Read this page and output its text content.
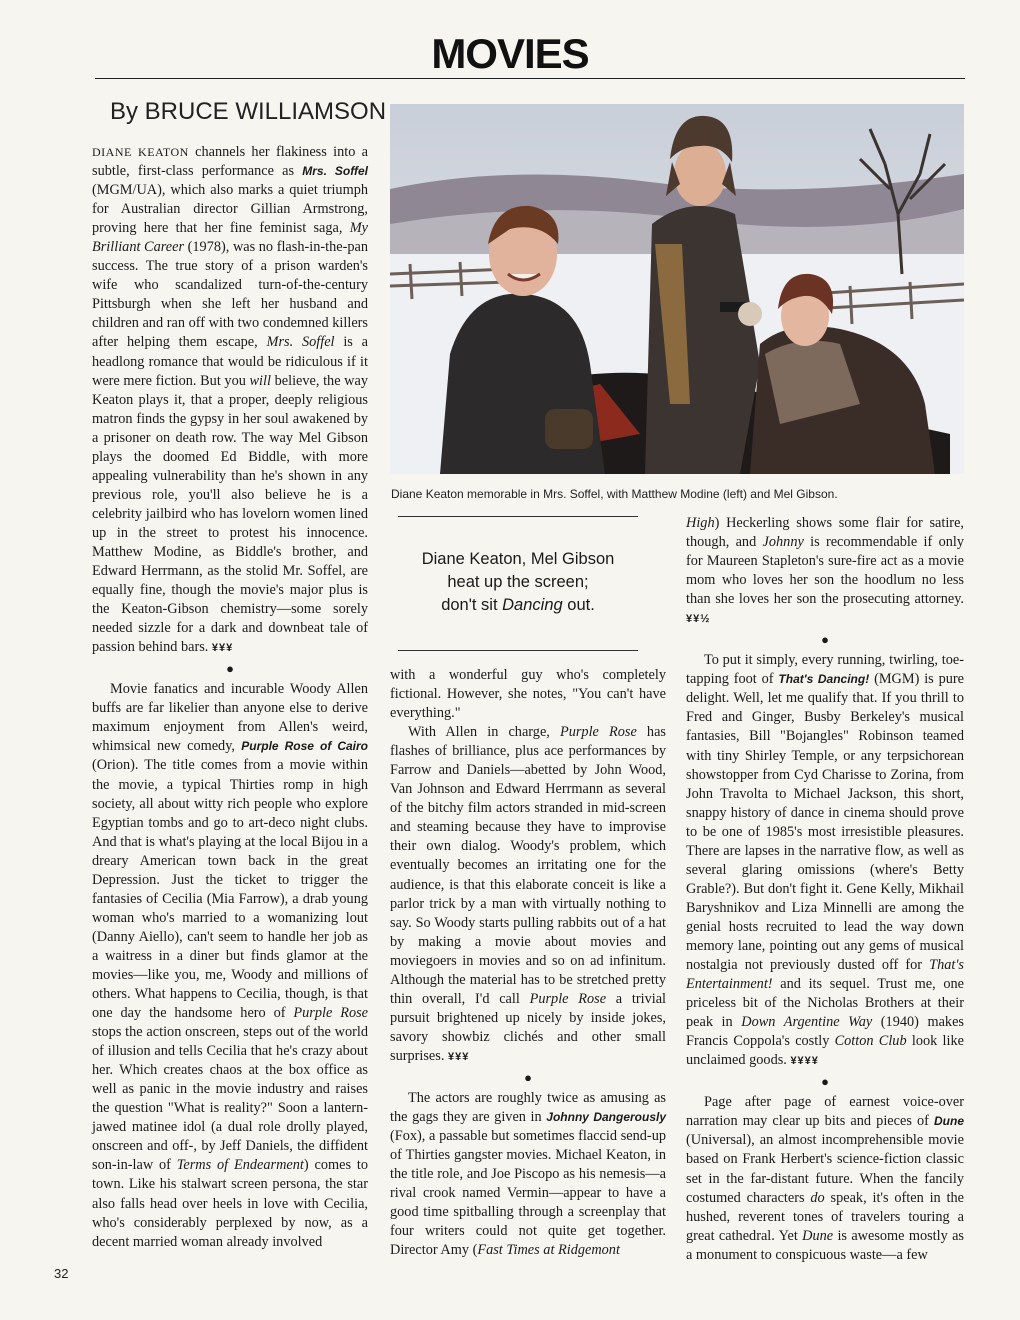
MOVIES
By BRUCE WILLIAMSON
Diane Keaton memorable in Mrs. Soffel, with Matthew Modine (left) and Mel Gibson.

DIANE KEATON channels her flakiness into a subtle, first-class performance as Mrs. Soffel (MGM/UA), which also marks a quiet triumph for Australian director Gillian Armstrong, proving here that her fine feminist saga, My Brilliant Career (1978), was no flash-in-the-pan success. The true story of a prison warden's wife who scandalized turn-of-the-century Pittsburgh when she left her husband and children and ran off with two condemned killers after helping them escape, Mrs. Soffel is a headlong romance that would be ridiculous if it were mere fiction. But you will believe, the way Keaton plays it, that a proper, deeply religious matron finds the gypsy in her soul awakened by a prisoner on death row. The way Mel Gibson plays the doomed Ed Biddle, with more appealing vulnerability than he's shown in any previous role, you'll also believe he is a celebrity jailbird who has lovelorn women lined up in the street to protest his innocence. Matthew Modine, as Biddle's brother, and Edward Herrmann, as the stolid Mr. Soffel, are equally fine, though the movie's major plus is the Keaton-Gibson chemistry—some sorely needed sizzle for a dark and downbeat tale of passion behind bars. ¥¥¥

●

Movie fanatics and incurable Woody Allen buffs are far likelier than anyone else to derive maximum enjoyment from Allen's weird, whimsical new comedy, Purple Rose of Cairo (Orion). The title comes from a movie within the movie, a typical Thirties romp in high society, all about witty rich people who explore Egyptian tombs and go to art-deco night clubs. And that is what's playing at the local Bijou in a dreary American town back in the great Depression. Just the ticket to trigger the fantasies of Cecilia (Mia Farrow), a drab young woman who's married to a womanizing lout (Danny Aiello), can't seem to handle her job as a waitress in a diner but finds glamor at the movies—like you, me, Woody and millions of others. What happens to Cecilia, though, is that one day the handsome hero of Purple Rose stops the action onscreen, steps out of the world of illusion and tells Cecilia that he's crazy about her. Which creates chaos at the box office as well as panic in the movie industry and raises the question "What is reality?" Soon a lantern-jawed matinee idol (a dual role drolly played, onscreen and off-, by Jeff Daniels, the diffident son-in-law of Terms of Endearment) comes to town. Like his stalwart screen persona, the star also falls head over heels in love with Cecilia, who's considerably perplexed by now, as a decent married woman already involved

Diane Keaton, Mel Gibson
heat up the screen;
don't sit Dancing out.

with a wonderful guy who's completely fictional. However, she notes, "You can't have everything."

With Allen in charge, Purple Rose has flashes of brilliance, plus ace performances by Farrow and Daniels—abetted by John Wood, Van Johnson and Edward Herrmann as several of the bitchy film actors stranded in mid-screen and steaming because they have to improvise their own dialog. Woody's problem, which eventually becomes an irritating one for the audience, is that this elaborate conceit is like a parlor trick by a man with virtually nothing to say. So Woody starts pulling rabbits out of a hat by making a movie about movies and moviegoers in movies and so on ad infinitum. Although the material has to be stretched pretty thin overall, I'd call Purple Rose a trivial pursuit brightened up nicely by inside jokes, savory showbiz clichés and other small surprises. ¥¥¥

●

The actors are roughly twice as amusing as the gags they are given in Johnny Dangerously (Fox), a passable but sometimes flaccid send-up of Thirties gangster movies. Michael Keaton, in the title role, and Joe Piscopo as his nemesis—a rival crook named Vermin—appear to have a good time spitballing through a screenplay that four writers could not quite get together. Director Amy (Fast Times at Ridgemont

High) Heckerling shows some flair for satire, though, and Johnny is recommendable if only for Maureen Stapleton's sure-fire act as a movie mom who loves her son the hoodlum no less than she loves her son the prosecuting attorney. ¥¥½

●

To put it simply, every running, twirling, toe-tapping foot of That's Dancing! (MGM) is pure delight. Well, let me qualify that. If you thrill to Fred and Ginger, Busby Berkeley's musical fantasies, Bill "Bojangles" Robinson teamed with tiny Shirley Temple, or any terpsichorean showstopper from Cyd Charisse to Zorina, from John Travolta to Michael Jackson, this short, snappy history of dance in cinema should prove to be one of 1985's most irresistible pleasures. There are lapses in the narrative flow, as well as several glaring omissions (where's Betty Grable?). But don't fight it. Gene Kelly, Mikhail Baryshnikov and Liza Minnelli are among the genial hosts recruited to lead the way down memory lane, pointing out any gems of musical nostalgia not previously dusted off for That's Entertainment! and its sequel. Trust me, one priceless bit of the Nicholas Brothers at their peak in Down Argentine Way (1940) makes Francis Coppola's costly Cotton Club look like unclaimed goods. ¥¥¥¥

●

Page after page of earnest voice-over narration may clear up bits and pieces of Dune (Universal), an almost incomprehensible movie based on Frank Herbert's science-fiction classic set in the far-distant future. When the fancily costumed characters do speak, it's often in the hushed, reverent tones of travelers touring a great cathedral. Yet Dune is awesome mostly as a monument to conspicuous waste—a few

32
